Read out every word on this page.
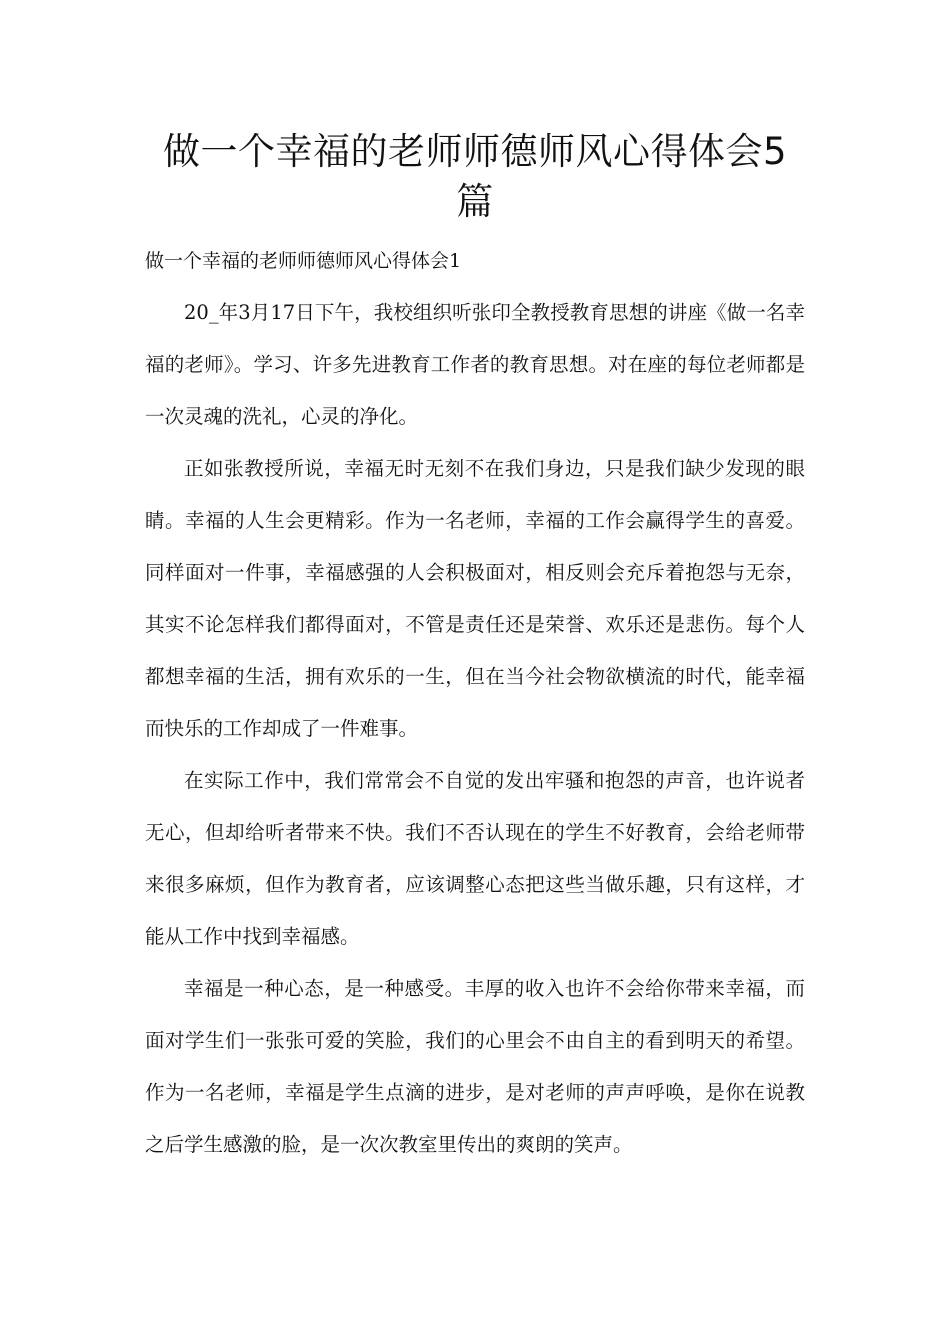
做一个幸福的老师师德师风心得体会5篇
做一个幸福的老师师德师风心得体会1

20_年3月17日下午，我校组织听张印全教授教育思想的讲座《做一名幸福的老师》。学习、许多先进教育工作者的教育思想。对在座的每位老师都是一次灵魂的洗礼，心灵的净化。

正如张教授所说，幸福无时无刻不在我们身边，只是我们缺少发现的眼睛。幸福的人生会更精彩。作为一名老师，幸福的工作会赢得学生的喜爱。同样面对一件事，幸福感强的人会积极面对，相反则会充斥着抱怨与无奈，其实不论怎样我们都得面对，不管是责任还是荣誉、欢乐还是悲伤。每个人都想幸福的生活，拥有欢乐的一生，但在当今社会物欲横流的时代，能幸福而快乐的工作却成了一件难事。

在实际工作中，我们常常会不自觉的发出牢骚和抱怨的声音，也许说者无心，但却给听者带来不快。我们不否认现在的学生不好教育，会给老师带来很多麻烦，但作为教育者，应该调整心态把这些当做乐趣，只有这样，才能从工作中找到幸福感。

幸福是一种心态，是一种感受。丰厚的收入也许不会给你带来幸福，而面对学生们一张张可爱的笑脸，我们的心里会不由自主的看到明天的希望。作为一名老师，幸福是学生点滴的进步，是对老师的声声呼唤，是你在说教之后学生感激的脸，是一次次教室里传出的爽朗的笑声。
